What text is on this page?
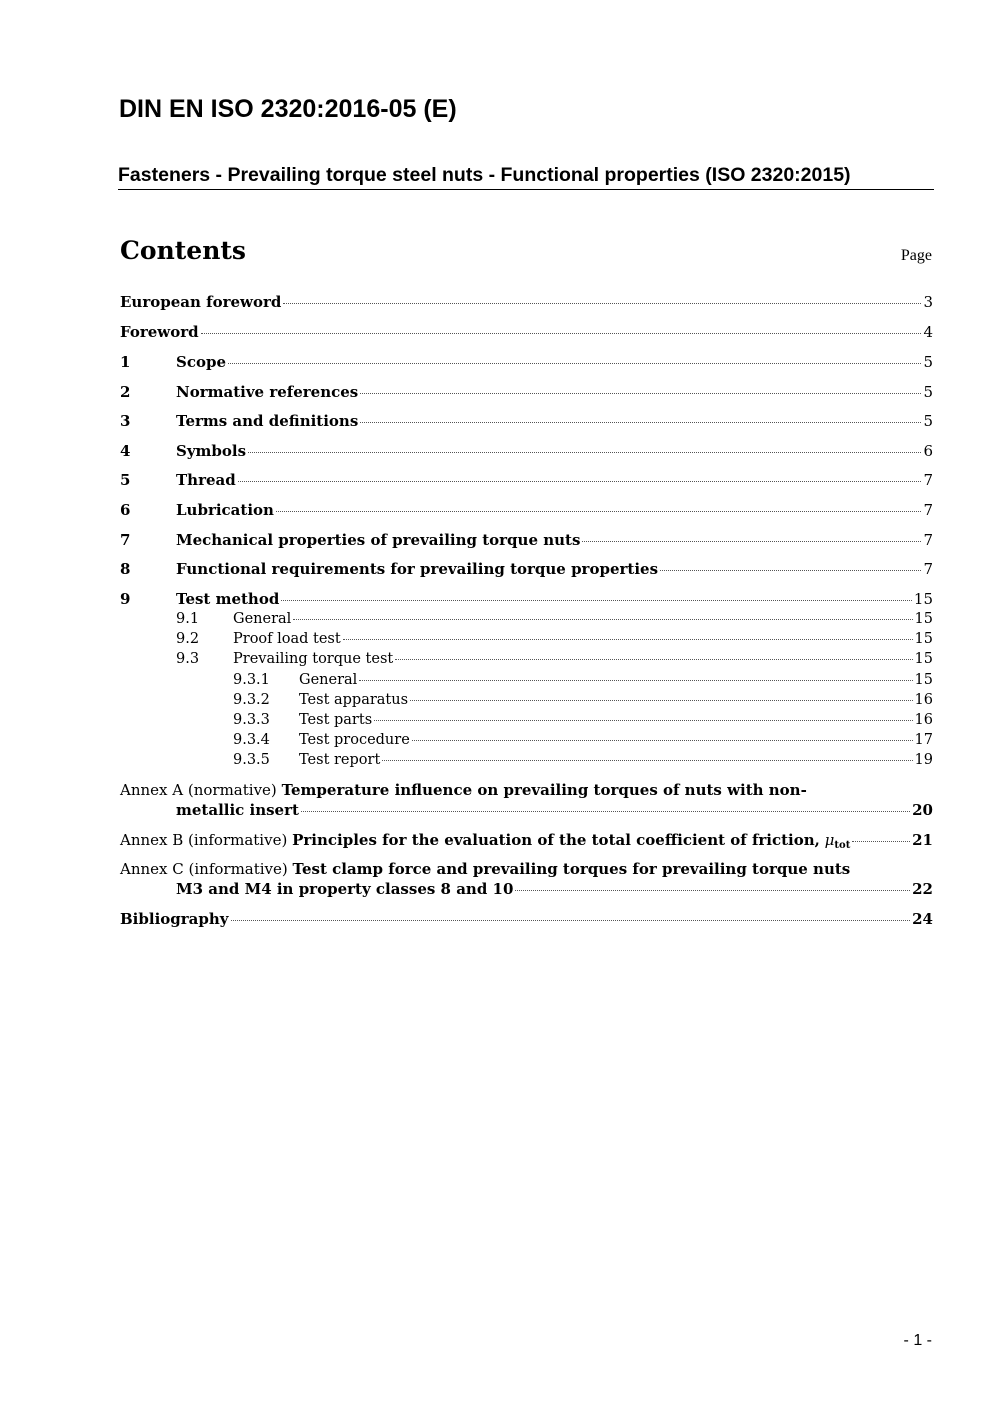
DIN EN ISO 2320:2016-05 (E)
Fasteners - Prevailing torque steel nuts - Functional properties (ISO 2320:2015)
Contents	Page
European foreword	3
Foreword	4
1	Scope	5
2	Normative references	5
3	Terms and definitions	5
4	Symbols	6
5	Thread	7
6	Lubrication	7
7	Mechanical properties of prevailing torque nuts	7
8	Functional requirements for prevailing torque properties	7
9	Test method	15
9.1	General	15
9.2	Proof load test	15
9.3	Prevailing torque test	15
9.3.1	General	15
9.3.2	Test apparatus	16
9.3.3	Test parts	16
9.3.4	Test procedure	17
9.3.5	Test report	19
Annex A (normative) Temperature influence on prevailing torques of nuts with non-
metallic insert	20
Annex B (informative) Principles for the evaluation of the total coefficient of friction, $\mu_{tot}$	21
Annex C (informative) Test clamp force and prevailing torques for prevailing torque nuts
M3 and M4 in property classes 8 and 10	22
Bibliography	24
- 1 -
